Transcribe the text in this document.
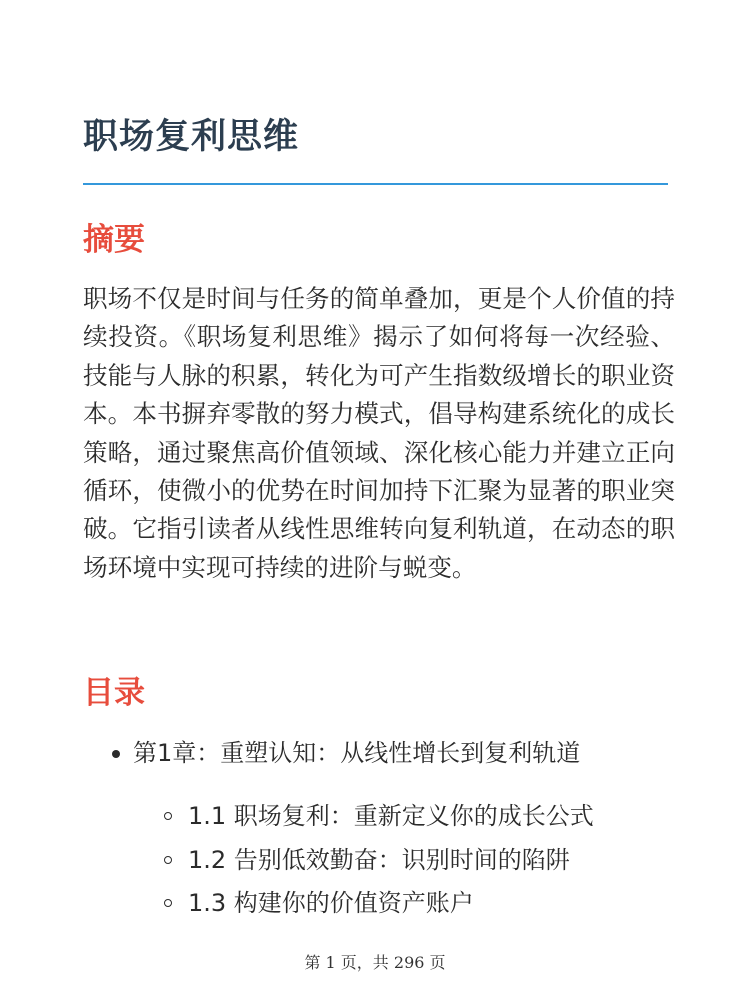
职场复利思维
摘要

职场不仅是时间与任务的简单叠加，更是个人价值的持续投资。《职场复利思维》揭示了如何将每一次经验、技能与人脉的积累，转化为可产生指数级增长的职业资本。本书摒弃零散的努力模式，倡导构建系统化的成长策略，通过聚焦高价值领域、深化核心能力并建立正向循环，使微小的优势在时间加持下汇聚为显著的职业突破。它指引读者从线性思维转向复利轨道，在动态的职场环境中实现可持续的进阶与蜕变。

目录
第1章：重塑认知：从线性增长到复利轨道
1.1 职场复利：重新定义你的成长公式
1.2 告别低效勤奋：识别时间的陷阱
1.3 构建你的价值资产账户
第 1 页，共 296 页
